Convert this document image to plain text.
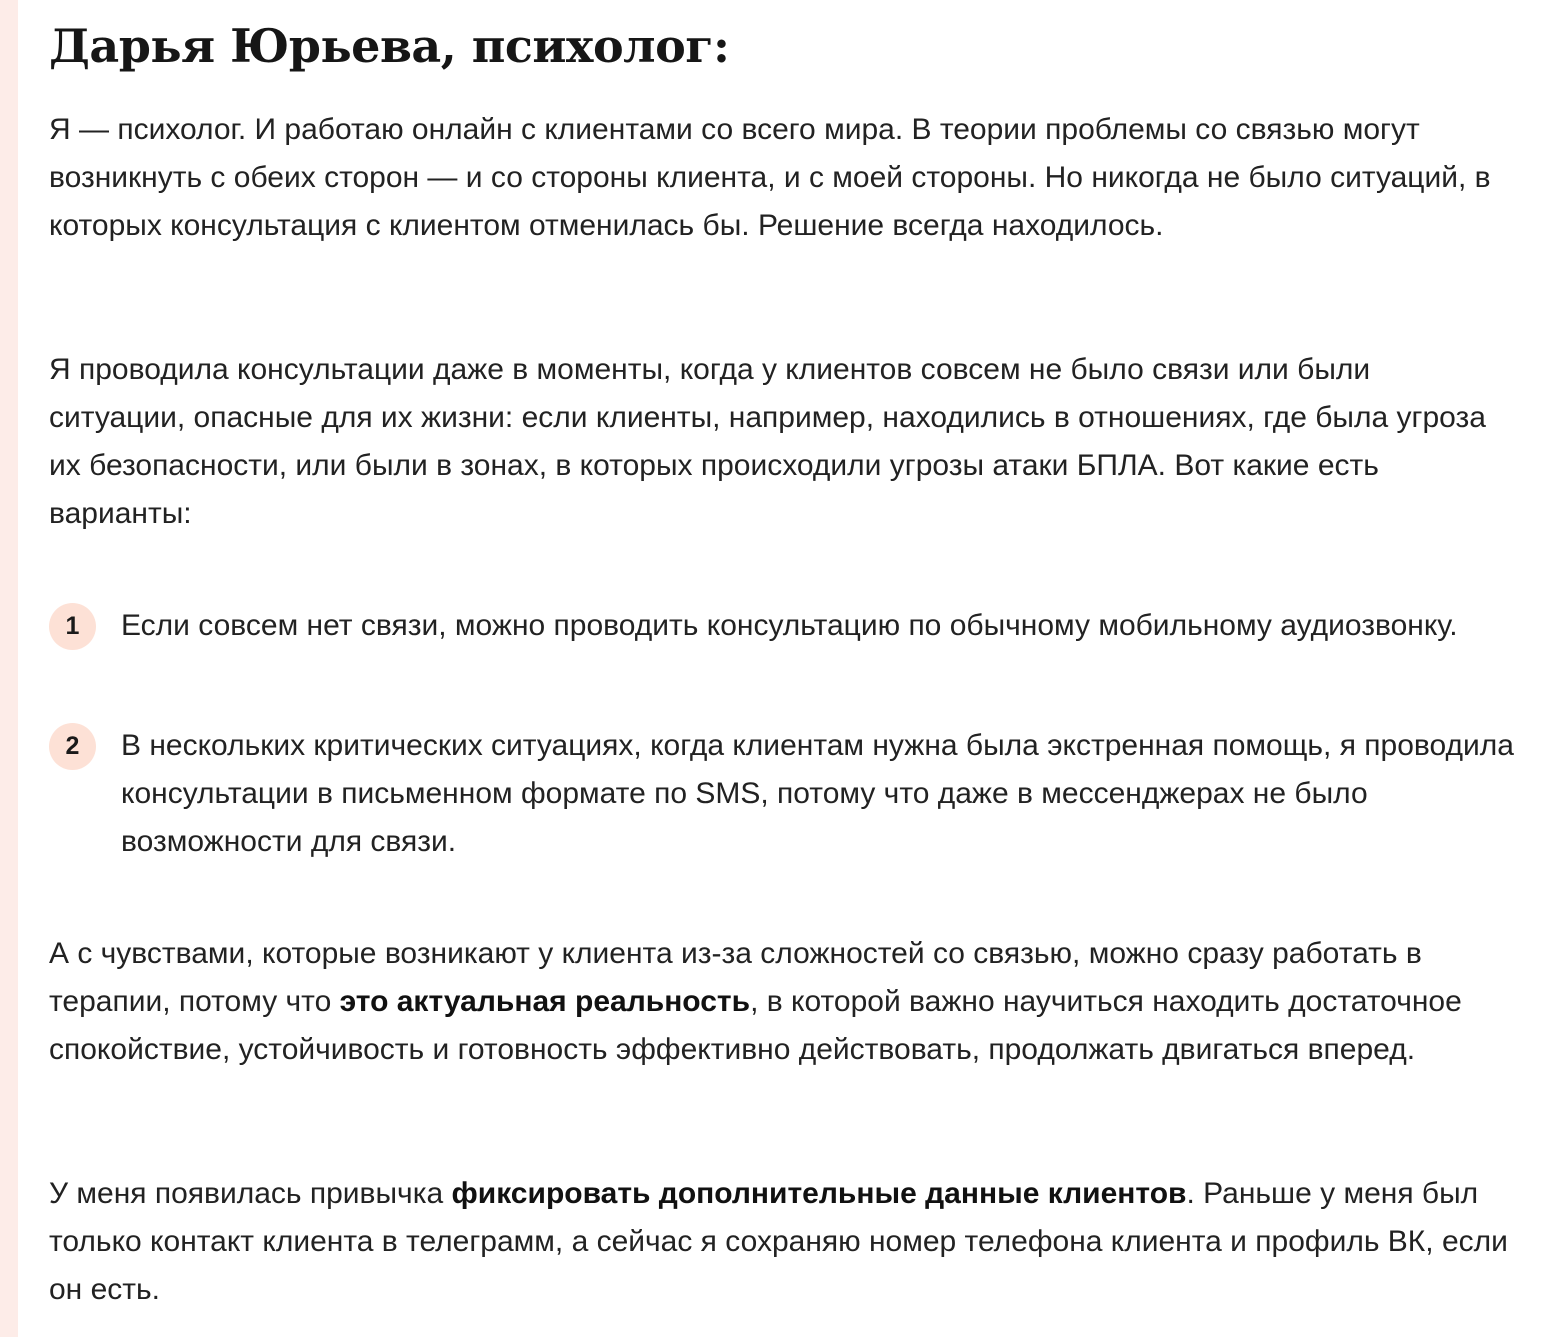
Дарья Юрьева, психолог:

Я — психолог. И работаю онлайн с клиентами со всего мира. В теории проблемы со связью могут возникнуть с обеих сторон — и со стороны клиента, и с моей стороны. Но никогда не было ситуаций, в которых консультация с клиентом отменилась бы. Решение всегда находилось.

Я проводила консультации даже в моменты, когда у клиентов совсем не было связи или были ситуации, опасные для их жизни: если клиенты, например, находились в отношениях, где была угроза их безопасности, или были в зонах, в которых происходили угрозы атаки БПЛА. Вот какие есть варианты:

1	Если совсем нет связи, можно проводить консультацию по обычному мобильному аудиозвонку.

2	В нескольких критических ситуациях, когда клиентам нужна была экстренная помощь, я проводила консультации в письменном формате по SMS, потому что даже в мессенджерах не было возможности для связи.

А с чувствами, которые возникают у клиента из-за сложностей со связью, можно сразу работать в терапии, потому что это актуальная реальность, в которой важно научиться находить достаточное спокойствие, устойчивость и готовность эффективно действовать, продолжать двигаться вперед.

У меня появилась привычка фиксировать дополнительные данные клиентов. Раньше у меня был только контакт клиента в телеграмм, а сейчас я сохраняю номер телефона клиента и профиль ВК, если он есть.
